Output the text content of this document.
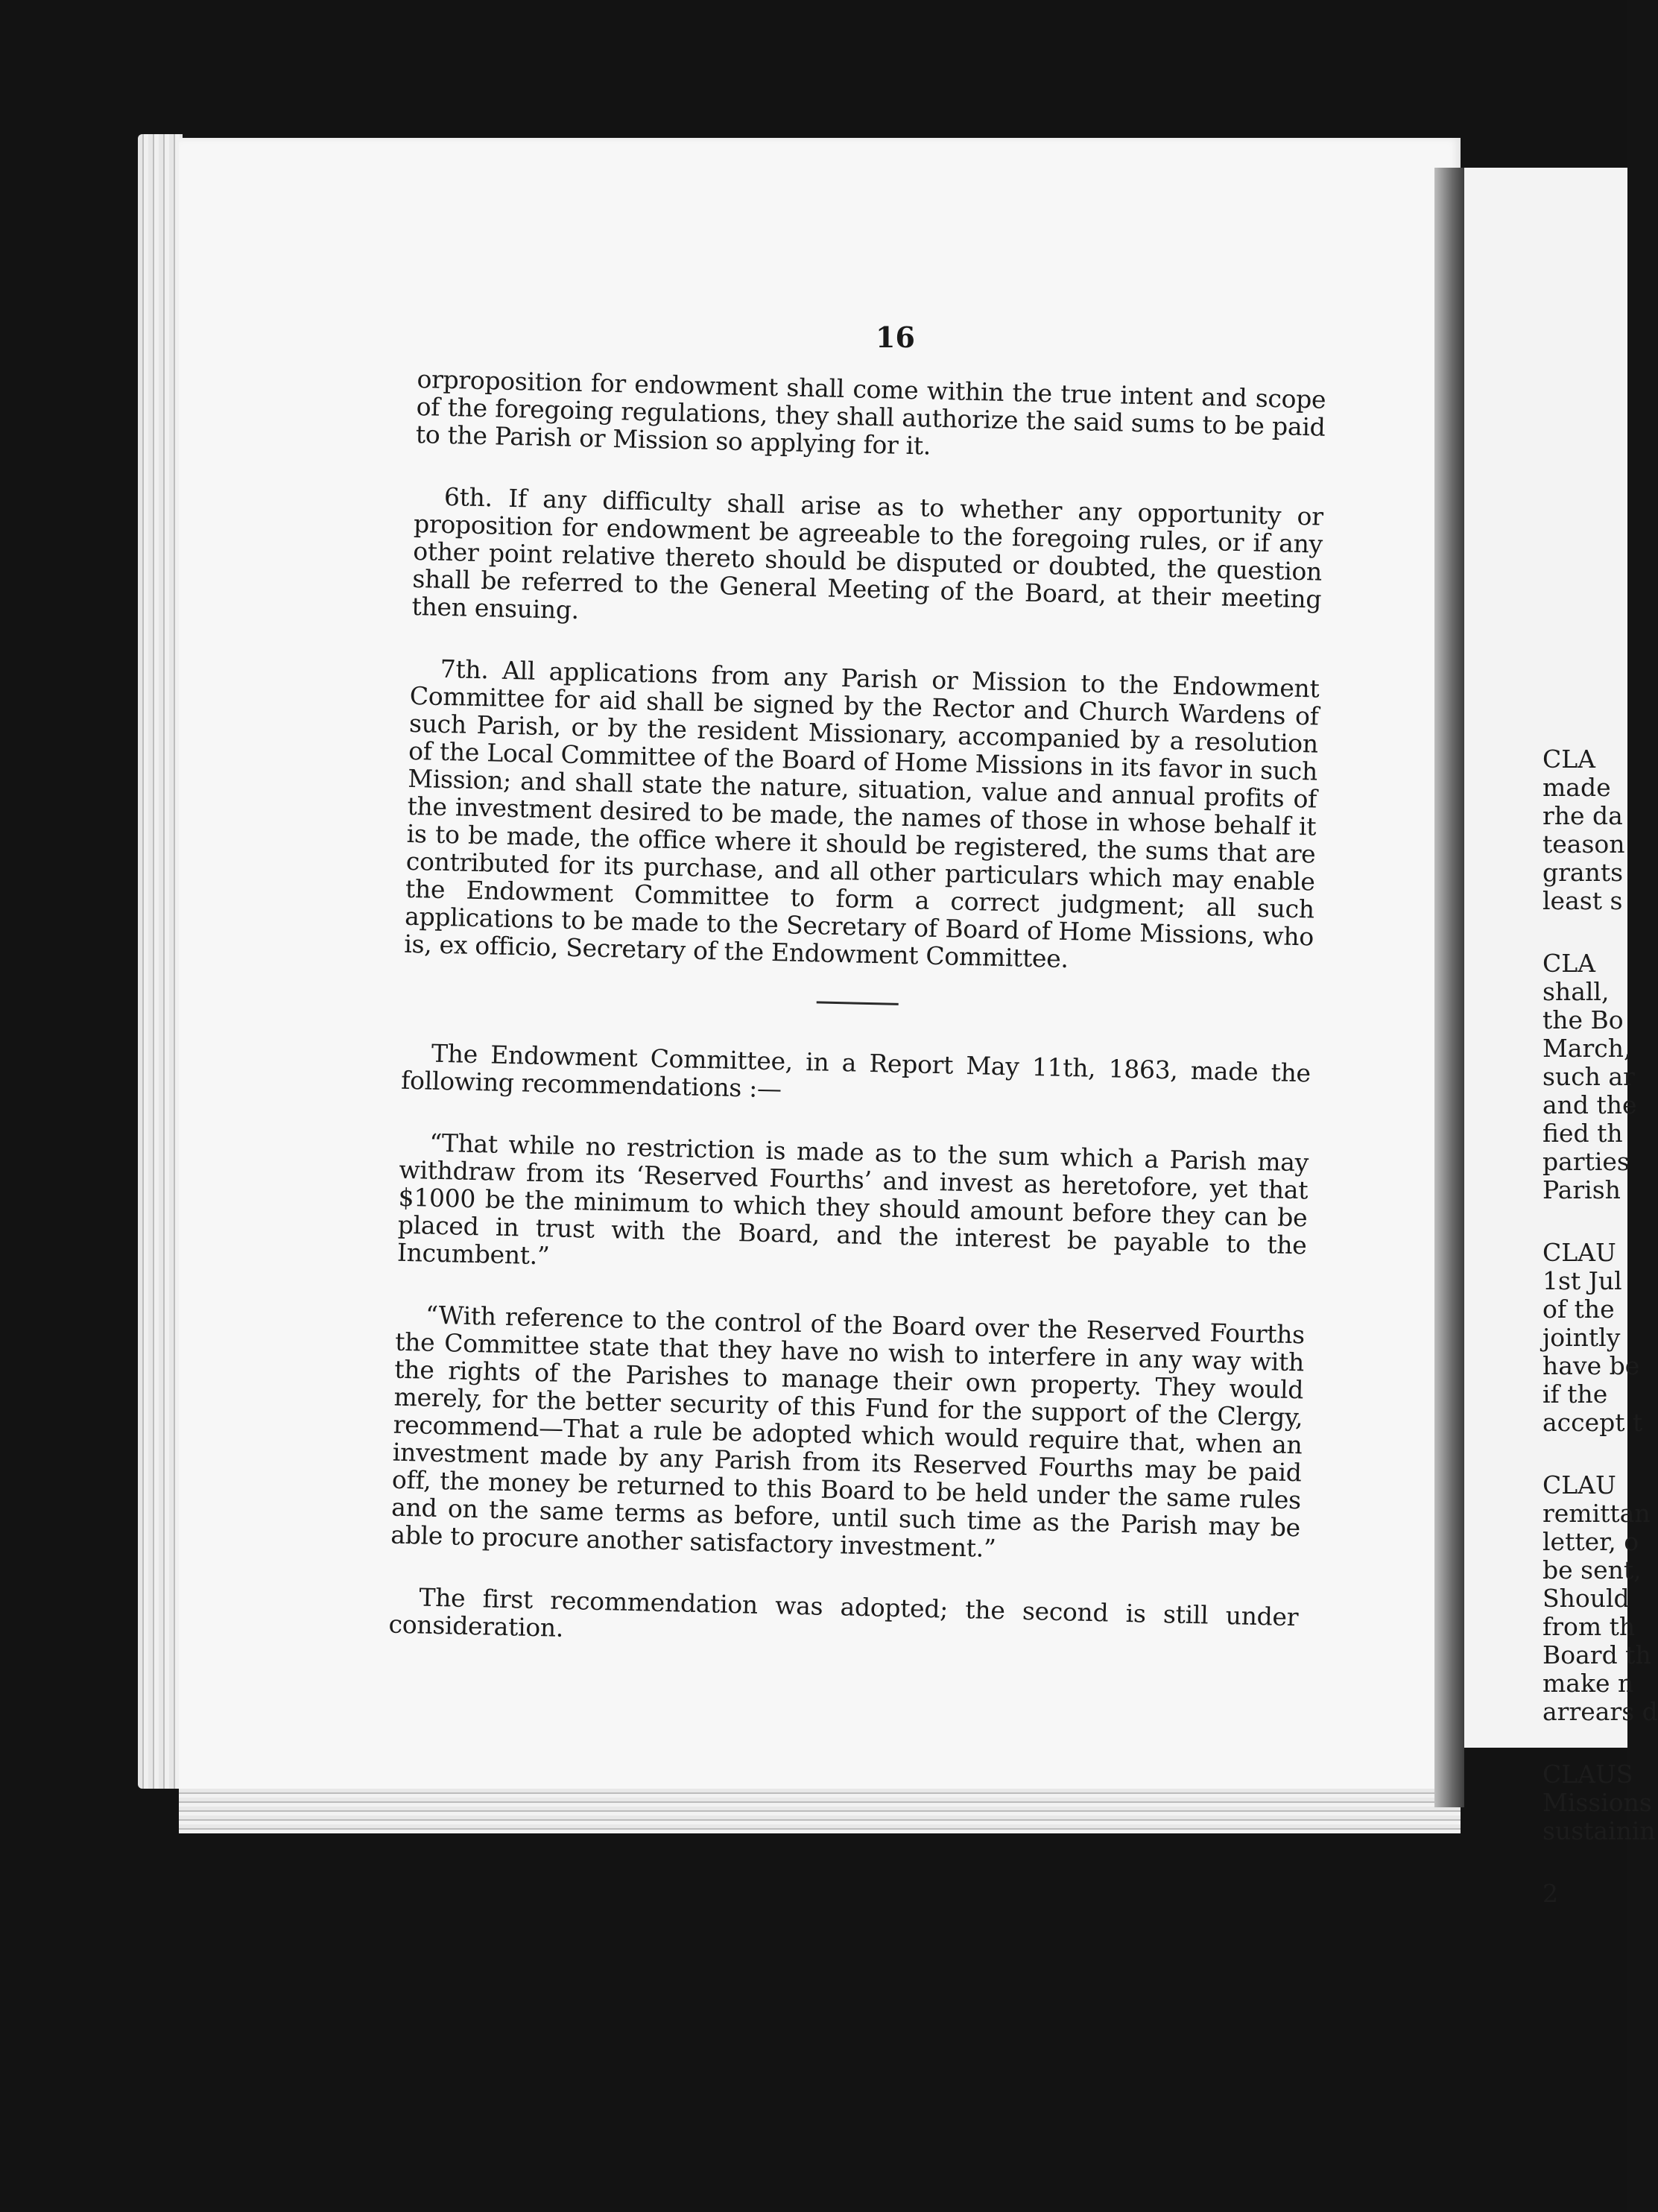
16

orproposition for endowment shall come within the true intent and scope of the foregoing regulations, they shall authorize the said sums to be paid to the Parish or Mission so applying for it.

6th. If any difficulty shall arise as to whether any opportunity or proposition for endowment be agreeable to the foregoing rules, or if any other point relative thereto should be disputed or doubted, the question shall be referred to the General Meeting of the Board, at their meeting then ensuing.

7th. All applications from any Parish or Mission to the Endowment Committee for aid shall be signed by the Rector and Church Wardens of such Parish, or by the resident Missionary, accompanied by a resolution of the Local Committee of the Board of Home Missions in its favor in such Mission; and shall state the nature, situation, value and annual profits of the investment desired to be made, the names of those in whose behalf it is to be made, the office where it should be registered, the sums that are contributed for its purchase, and all other particulars which may enable the Endowment Committee to form a correct judgment; all such applications to be made to the Secretary of Board of Home Missions, who is, ex officio, Secretary of the Endowment Committee.

The Endowment Committee, in a Report May 11th, 1863, made the following recommendations :—

“That while no restriction is made as to the sum which a Parish may withdraw from its ‘Reserved Fourths’ and invest as heretofore, yet that $1000 be the minimum to which they should amount before they can be placed in trust with the Board, and the interest be payable to the Incumbent.”

“With reference to the control of the Board over the Reserved Fourths the Committee state that they have no wish to interfere in any way with the rights of the Parishes to manage their own property. They would merely, for the better security of this Fund for the support of the Clergy, recommend—That a rule be adopted which would require that, when an investment made by any Parish from its Reserved Fourths may be paid off, the money be returned to this Board to be held under the same rules and on the same terms as before, until such time as the Parish may be able to procure another satisfactory investment.”

The first recommendation was adopted; the second is still under consideration.

CLA
made
rhe da
teason
grants
least s
CLA
shall,
the Bo
March,
such ar
and the
fied th
parties
Parish
CLAU
1st Jul
of the
jointly
have be
if the
accept t
CLAU
remittan
letter, o
be sent,
Should
from th
Board th
make n
arrears d
CLAUS
Missions
sustainin
2
